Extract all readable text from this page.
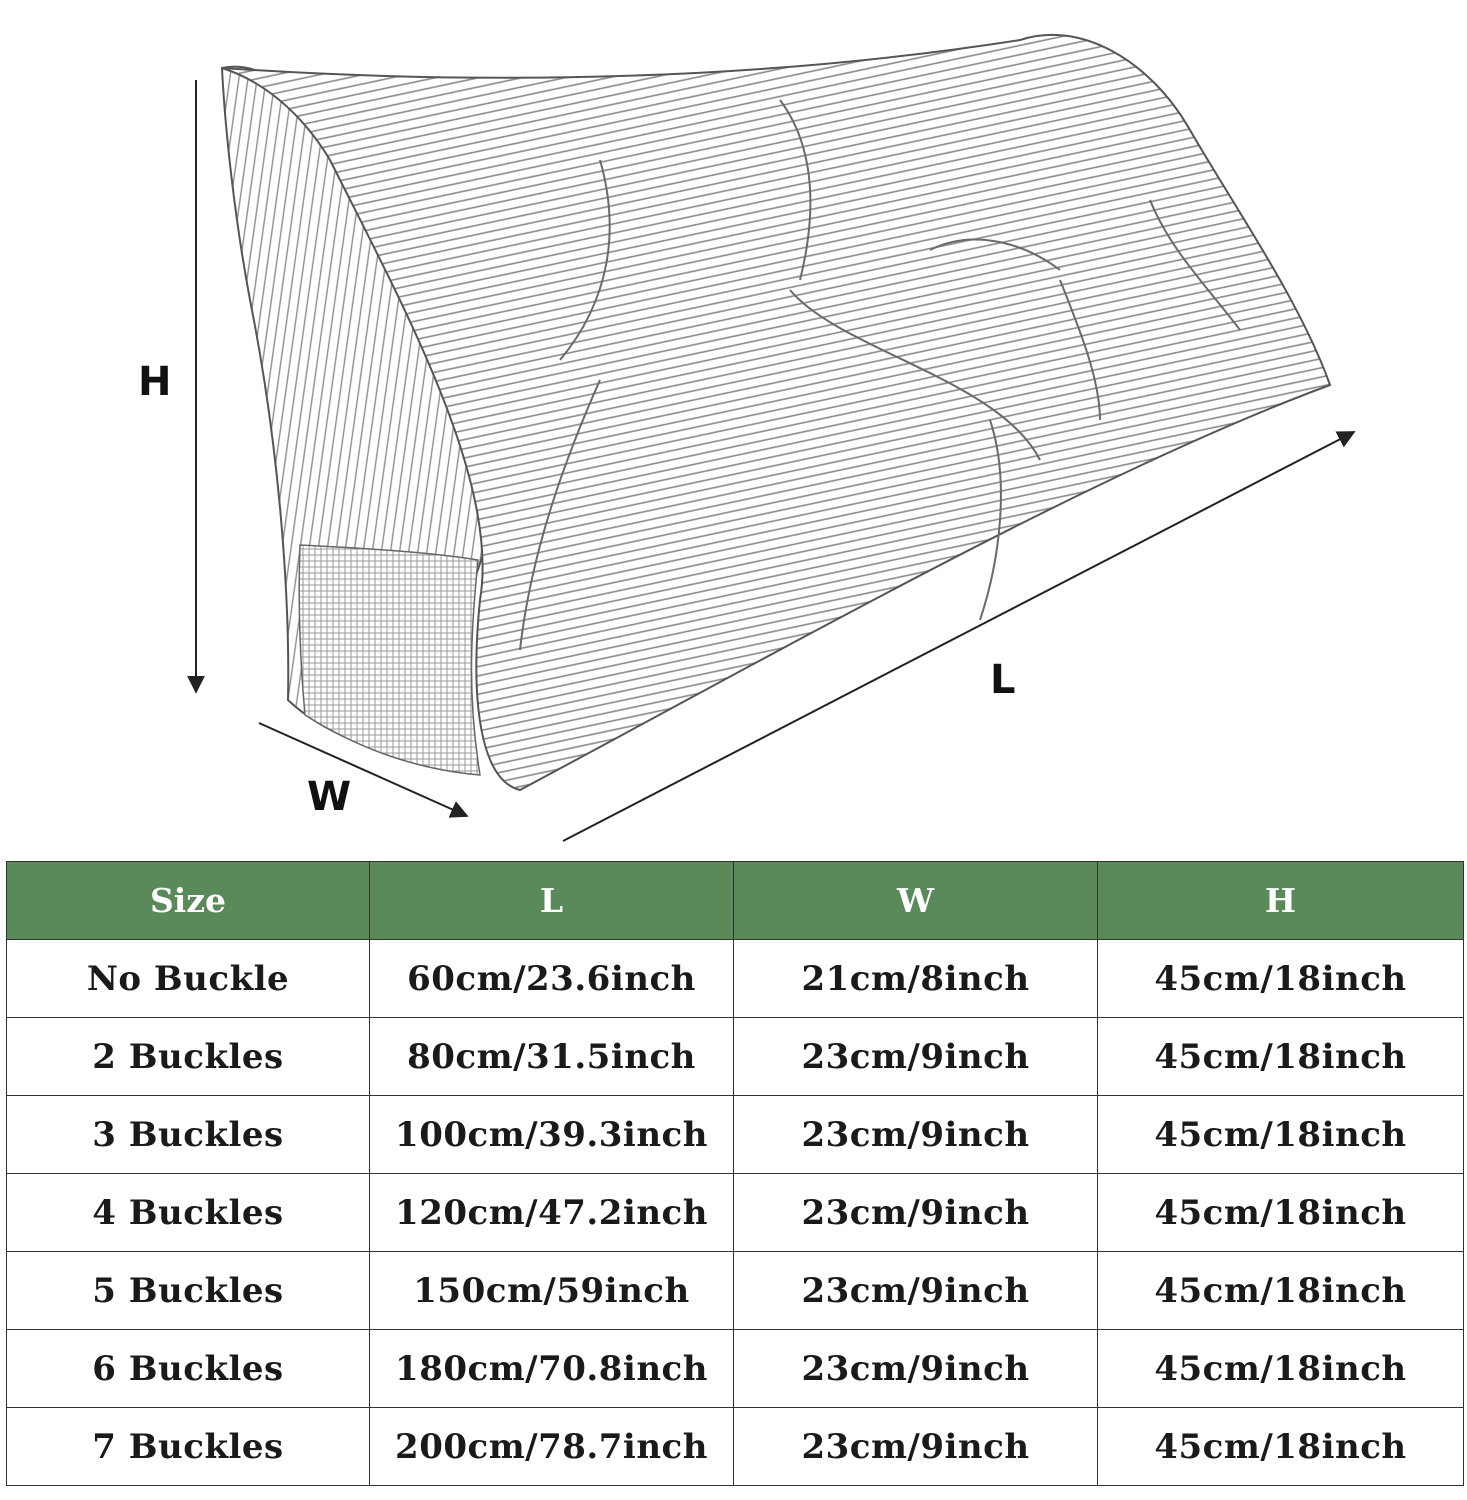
H
W
L
Size	L	W	H
No Buckle	60cm/23.6inch	21cm/8inch	45cm/18inch
2 Buckles	80cm/31.5inch	23cm/9inch	45cm/18inch
3 Buckles	100cm/39.3inch	23cm/9inch	45cm/18inch
4 Buckles	120cm/47.2inch	23cm/9inch	45cm/18inch
5 Buckles	150cm/59inch	23cm/9inch	45cm/18inch
6 Buckles	180cm/70.8inch	23cm/9inch	45cm/18inch
7 Buckles	200cm/78.7inch	23cm/9inch	45cm/18inch
